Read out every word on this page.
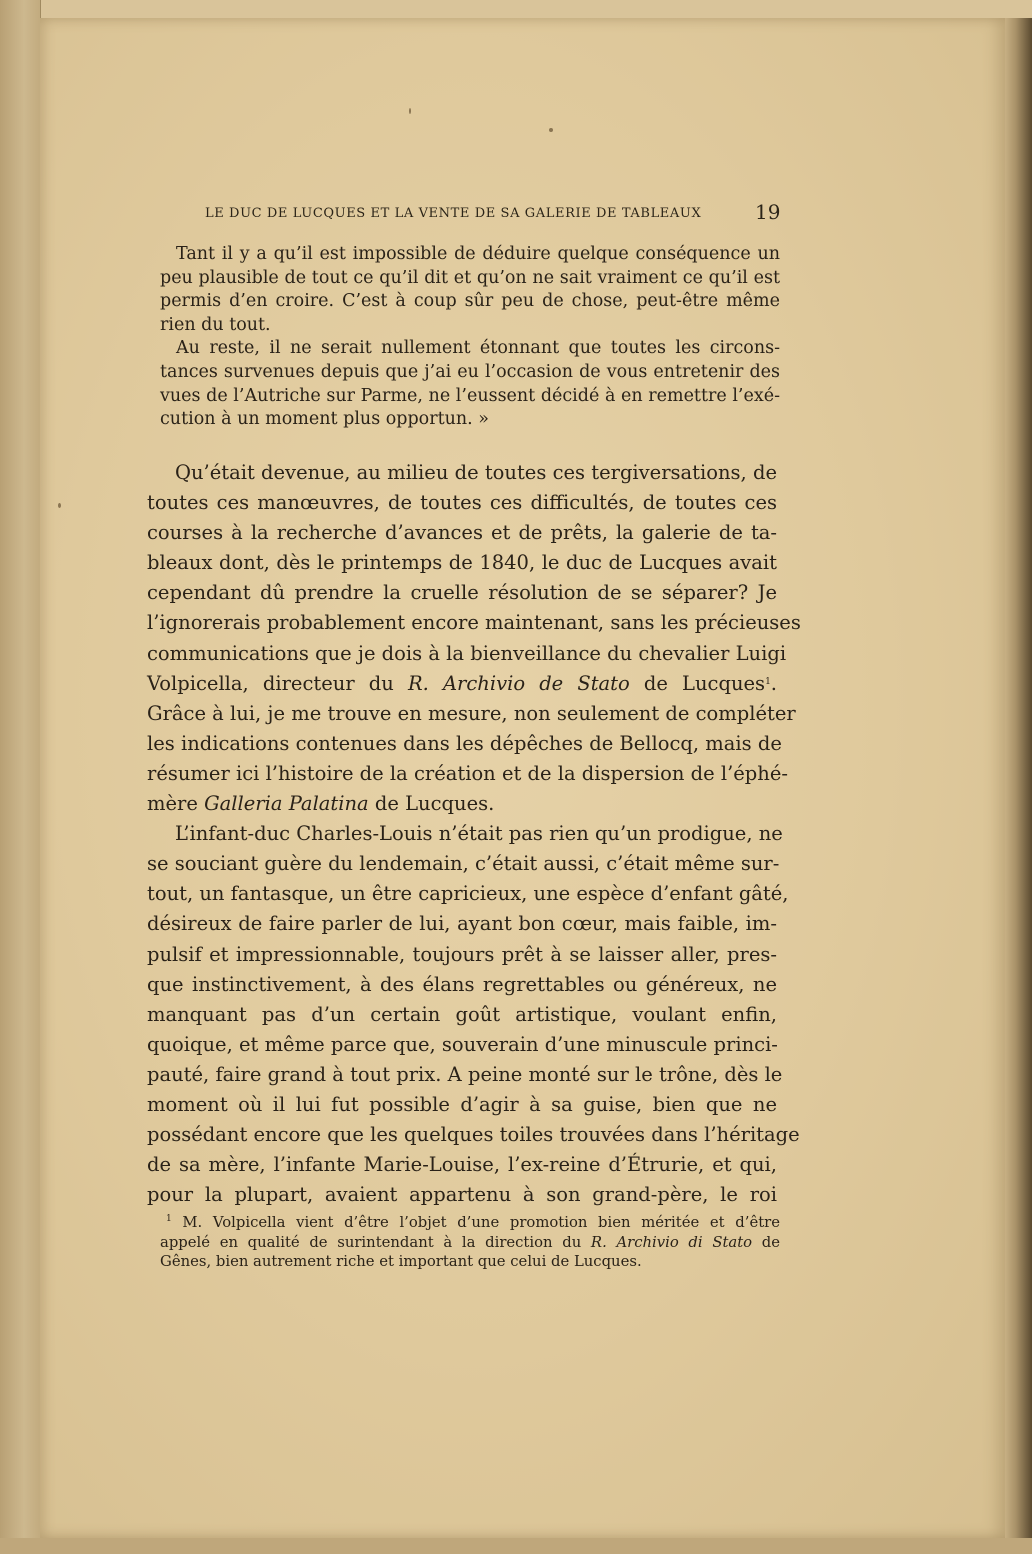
LE DUC DE LUCQUES ET LA VENTE DE SA GALERIE DE TABLEAUX	19
Tant il y a qu’il est impossible de déduire quelque conséquence un
peu plausible de tout ce qu’il dit et qu’on ne sait vraiment ce qu’il est
permis d’en croire. C’est à coup sûr peu de chose, peut-être même
rien du tout.
Au reste, il ne serait nullement étonnant que toutes les circons-
tances survenues depuis que j’ai eu l’occasion de vous entretenir des
vues de l’Autriche sur Parme, ne l’eussent décidé à en remettre l’exé-
cution à un moment plus opportun. »
Qu’était devenue, au milieu de toutes ces tergiversations, de
toutes ces manœuvres, de toutes ces difficultés, de toutes ces
courses à la recherche d’avances et de prêts, la galerie de ta-
bleaux dont, dès le printemps de 1840, le duc de Lucques avait
cependant dû prendre la cruelle résolution de se séparer? Je
l’ignorerais probablement encore maintenant, sans les précieuses
communications que je dois à la bienveillance du chevalier Luigi
Volpicella, directeur du R. Archivio de Stato de Lucques$^1$.
Grâce à lui, je me trouve en mesure, non seulement de compléter
les indications contenues dans les dépêches de Bellocq, mais de
résumer ici l’histoire de la création et de la dispersion de l’éphé-
mère Galleria Palatina de Lucques.
L’infant-duc Charles-Louis n’était pas rien qu’un prodigue, ne
se souciant guère du lendemain, c’était aussi, c’était même sur-
tout, un fantasque, un être capricieux, une espèce d’enfant gâté,
désireux de faire parler de lui, ayant bon cœur, mais faible, im-
pulsif et impressionnable, toujours prêt à se laisser aller, pres-
que instinctivement, à des élans regrettables ou généreux, ne
manquant pas d’un certain goût artistique, voulant enfin,
quoique, et même parce que, souverain d’une minuscule princi-
pauté, faire grand à tout prix. A peine monté sur le trône, dès le
moment où il lui fut possible d’agir à sa guise, bien que ne
possédant encore que les quelques toiles trouvées dans l’héritage
de sa mère, l’infante Marie-Louise, l’ex-reine d’Étrurie, et qui,
pour la plupart, avaient appartenu à son grand-père, le roi
$^1$ M. Volpicella vient d’être l’objet d’une promotion bien méritée et d’être
appelé en qualité de surintendant à la direction du R. Archivio di Stato de
Gênes, bien autrement riche et important que celui de Lucques.
